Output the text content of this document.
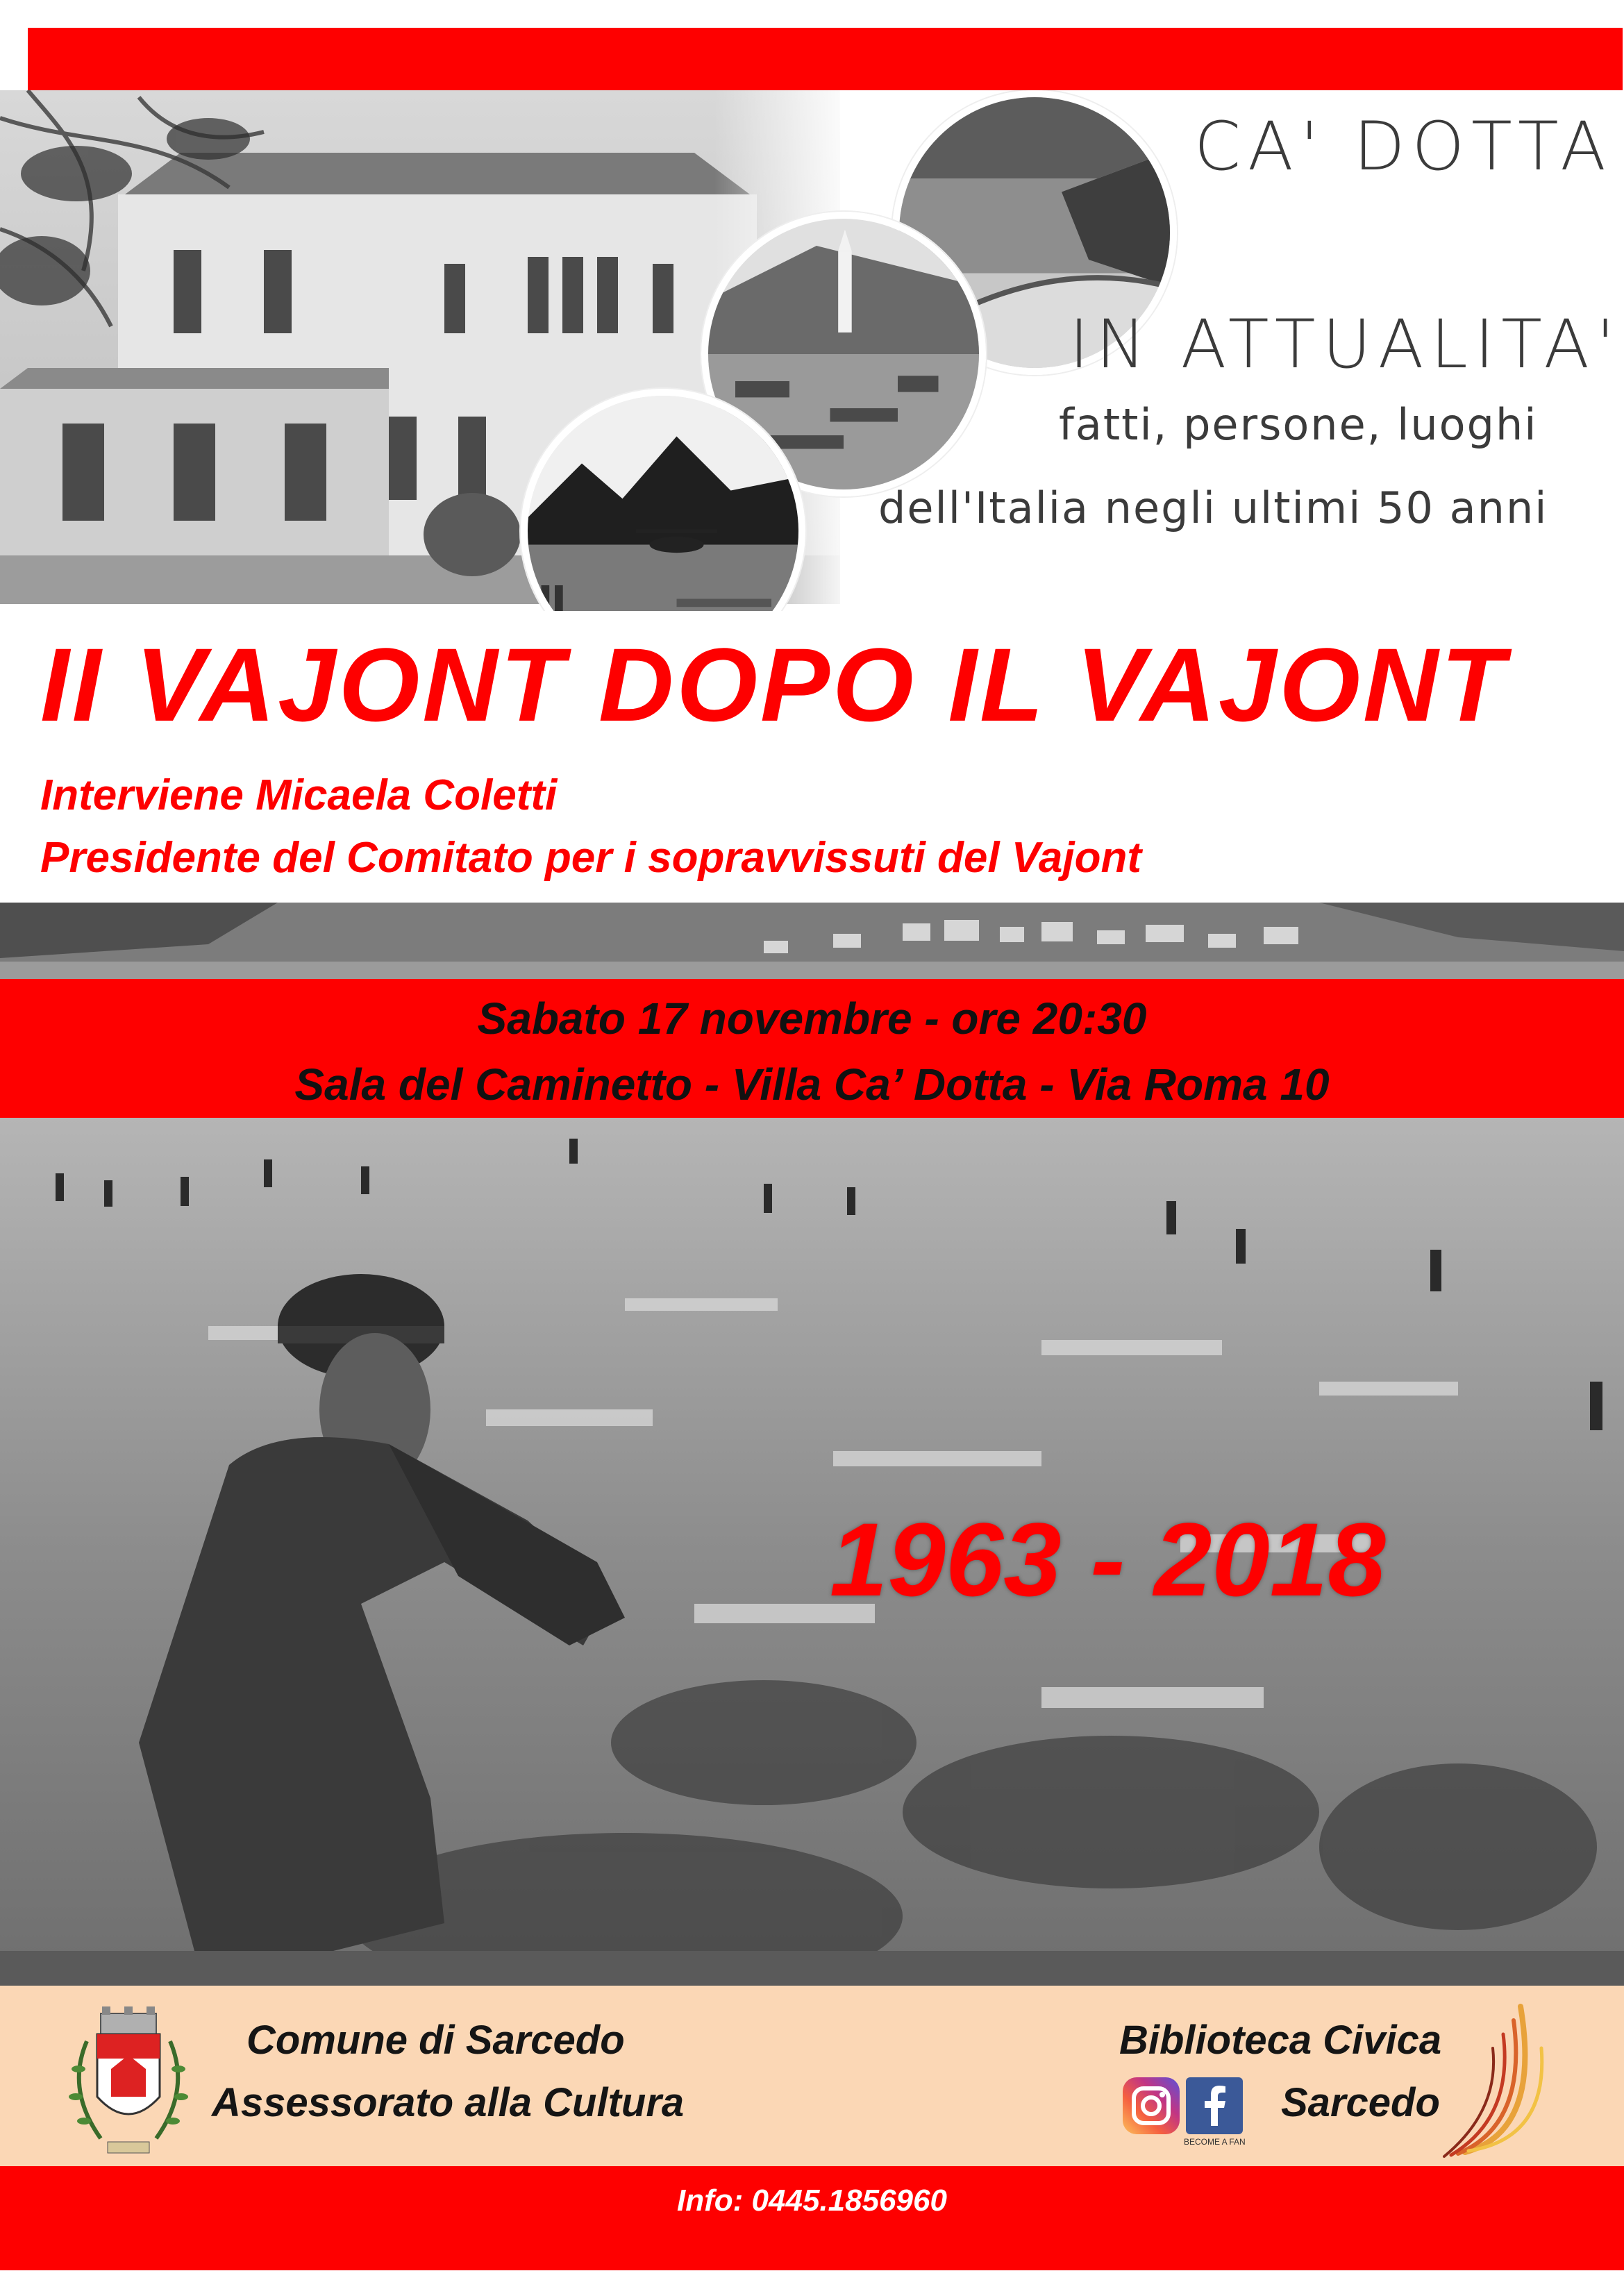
CA' DOTTA
IN ATTUALITA'
fatti, persone, luoghi
dell'Italia negli ultimi 50 anni
II VAJONT DOPO IL VAJONT
Interviene Micaela Coletti
Presidente del Comitato per i sopravvissuti del Vajont
Sabato 17 novembre - ore 20:30
Sala del Caminetto - Villa Ca’ Dotta - Via Roma 10
1963 - 2018
Comune di Sarcedo
Assessorato alla Cultura
Biblioteca Civica
Sarcedo
BECOME A FAN
Info: 0445.1856960
